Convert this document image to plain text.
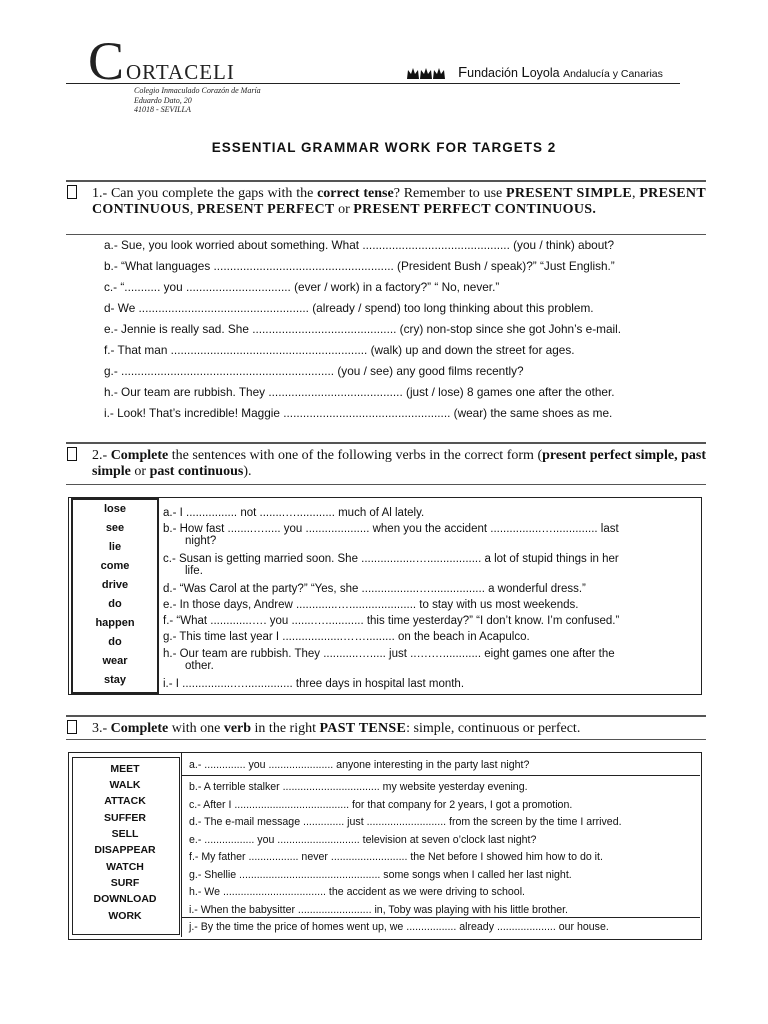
C ORTACELI
Colegio Inmaculado Corazón de María
Eduardo Dato, 20
41018 - SEVILLA
Fundación Loyola Andalucía y Canarias
ESSENTIAL GRAMMAR WORK FOR TARGETS 2
1.- Can you complete the gaps with the correct tense? Remember to use PRESENT SIMPLE, PRESENT CONTINUOUS, PRESENT PERFECT or PRESENT PERFECT CONTINUOUS.
a.- Sue, you look worried about something. What ............................................. (you / think) about?
b.- “What languages ....................................................... (President Bush / speak)?” “Just English.”
c.- “........... you ................................ (ever / work) in a factory?” “ No, never.”
d- We .................................................... (already / spend) too long thinking about this problem.
e.- Jennie is really sad. She ............................................ (cry) non-stop since she got John’s e-mail.
f.- That man ............................................................ (walk) up and down the street for ages.
g.- ................................................................. (you / see) any good films recently?
h.- Our team are rubbish. They ......................................... (just / lose) 8 games one after the other.
i.- Look! That’s incredible! Maggie ................................................... (wear) the same shoes as me.
2.- Complete the sentences with one of the following verbs in the correct form (present perfect simple, past simple or past continuous).
lose
see
lie
come
drive
do
happen
do
wear
stay
a.- I ................ not ........…............ much of Al lately.
b.- How fast ........…..... you .................... when you the accident ................….............. last
night?
c.- Susan is getting married soon. She .................…................. a lot of stupid things in her
life.
d.- “Was Carol at the party?” “Yes, she ..................…................. a wonderful dress.”
e.- In those days, Andrew .............…..................... to stay with us most weekends.
f.- “What .............…. you .......…............ this time yesterday?” “I don’t know. I’m confused.”
g.- This time last year I ...................……......... on the beach in Acapulco.
h.- Our team are rubbish. They ...........…..... just ..….…............ eight games one after the
other.
i.- I ................…............... three days in hospital last month.
3.- Complete with one verb in the right PAST TENSE: simple, continuous or perfect.
MEET
WALK
ATTACK
SUFFER
SELL
DISAPPEAR
WATCH
SURF
DOWNLOAD
WORK
a.- .............. you ...................... anyone interesting in the party last night?
b.- A terrible stalker ................................. my website yesterday evening.
c.- After I ....................................... for that company for 2 years, I got a promotion.
d.- The e-mail message .............. just ........................... from the screen by the time I arrived.
e.- ................. you ............................ television at seven o’clock last night?
f.- My father ................. never .......................... the Net before I showed him how to do it.
g.- Shellie ................................................ some songs when I called her last night.
h.- We ................................... the accident as we were driving to school.
i.- When the babysitter ......................... in, Toby was playing with his little brother.
j.- By the time the price of homes went up, we ................. already .................... our house.
